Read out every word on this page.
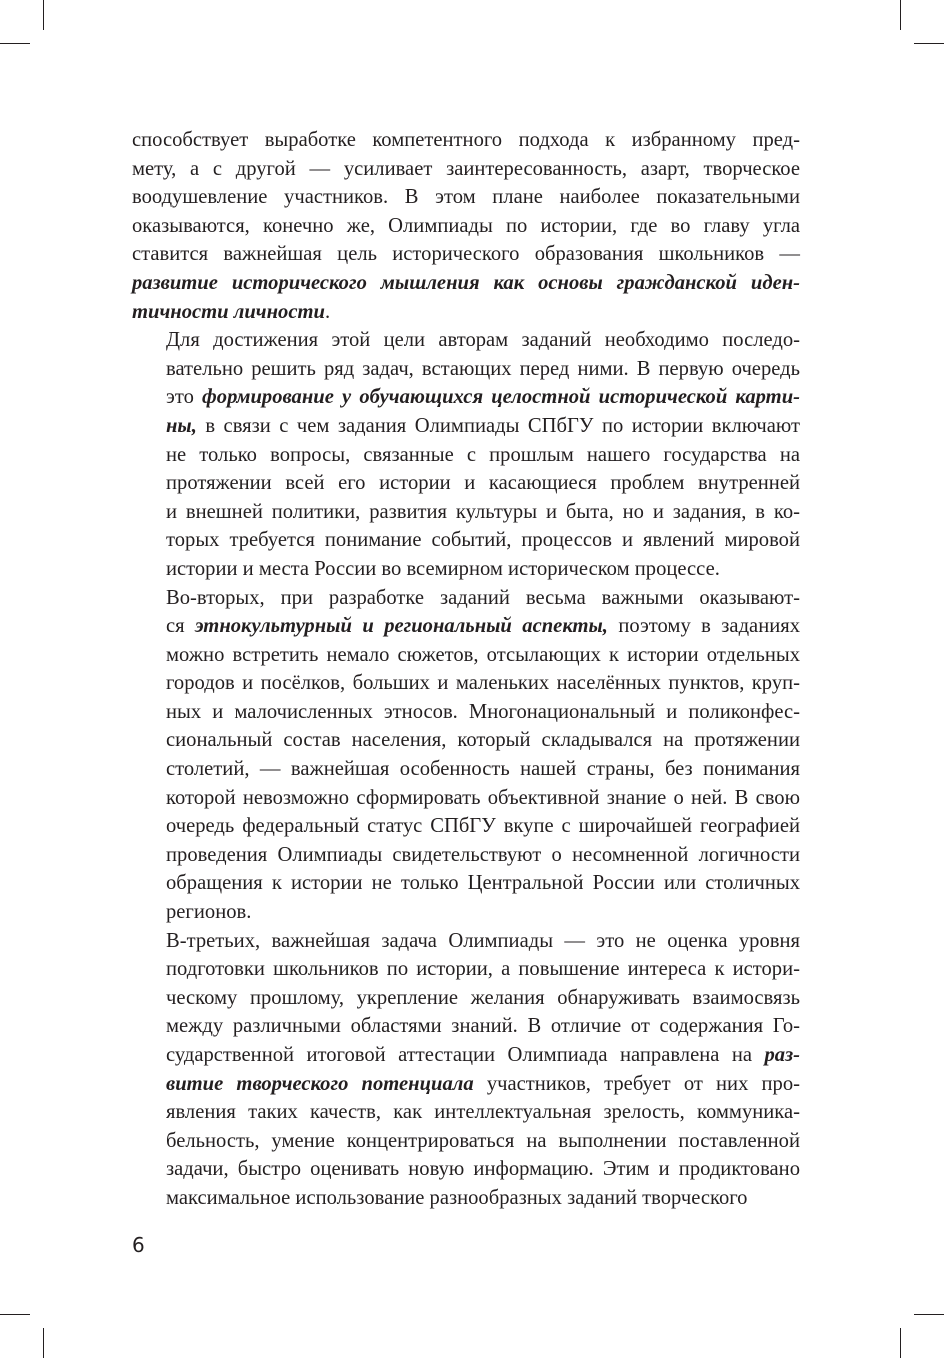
способствует выработке компетентного подхода к избранному пред-
мету, а с другой — усиливает заинтересованность, азарт, творческое
воодушевление участников. В этом плане наиболее показательными
оказываются, конечно же, Олимпиады по истории, где во главу угла
ставится важнейшая цель исторического образования школьников —
развитие исторического мышления как основы гражданской иден-
тичности личности.

Для достижения этой цели авторам заданий необходимо последо-
вательно решить ряд задач, встающих перед ними. В первую очередь
это формирование у обучающихся целостной исторической карти-
ны, в связи с чем задания Олимпиады СПбГУ по истории включают
не только вопросы, связанные с прошлым нашего государства на
протяжении всей его истории и касающиеся проблем внутренней
и внешней политики, развития культуры и быта, но и задания, в ко-
торых требуется понимание событий, процессов и явлений мировой
истории и места России во всемирном историческом процессе.

Во-вторых, при разработке заданий весьма важными оказывают-
ся этнокультурный и региональный аспекты, поэтому в заданиях
можно встретить немало сюжетов, отсылающих к истории отдельных
городов и посёлков, больших и маленьких населённых пунктов, круп-
ных и малочисленных этносов. Многонациональный и поликонфес-
сиональный состав населения, который складывался на протяжении
столетий, — важнейшая особенность нашей страны, без понимания
которой невозможно сформировать объективной знание о ней. В свою
очередь федеральный статус СПбГУ вкупе с широчайшей географией
проведения Олимпиады свидетельствуют о несомненной логичности
обращения к истории не только Центральной России или столичных
регионов.

В-третьих, важнейшая задача Олимпиады — это не оценка уровня
подготовки школьников по истории, а повышение интереса к истори-
ческому прошлому, укрепление желания обнаруживать взаимосвязь
между различными областями знаний. В отличие от содержания Го-
сударственной итоговой аттестации Олимпиада направлена на раз-
витие творческого потенциала участников, требует от них про-
явления таких качеств, как интеллектуальная зрелость, коммуника-
бельность, умение концентрироваться на выполнении поставленной
задачи, быстро оценивать новую информацию. Этим и продиктовано
максимальное использование разнообразных заданий творческого

6
